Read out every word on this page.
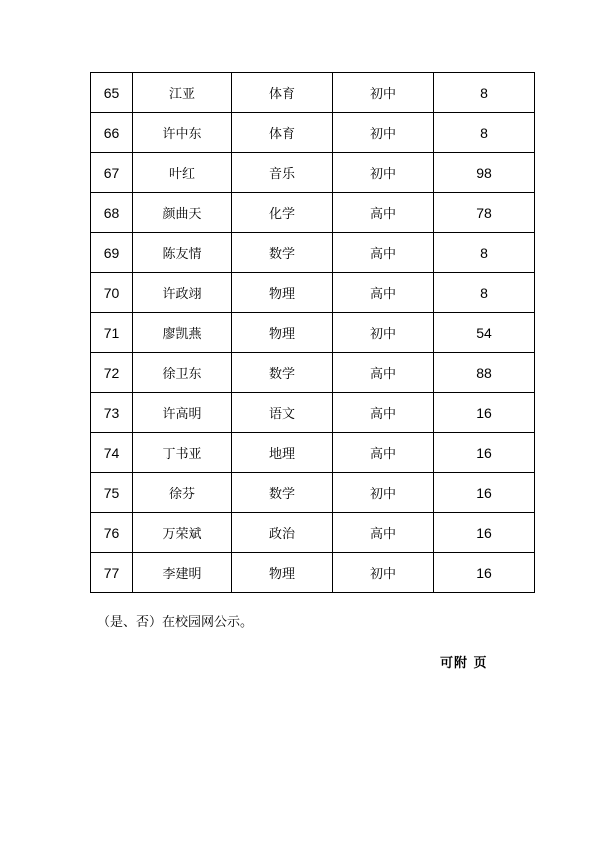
65	江亚	体育	初中	8
66	许中东	体育	初中	8
67	叶红	音乐	初中	98
68	颜曲天	化学	高中	78
69	陈友情	数学	高中	8
70	许政翊	物理	高中	8
71	廖凯燕	物理	初中	54
72	徐卫东	数学	高中	88
73	许高明	语文	高中	16
74	丁书亚	地理	高中	16
75	徐芬	数学	初中	16
76	万荣斌	政治	高中	16
77	李建明	物理	初中	16
（是、否）在校园网公示。
可附 页
